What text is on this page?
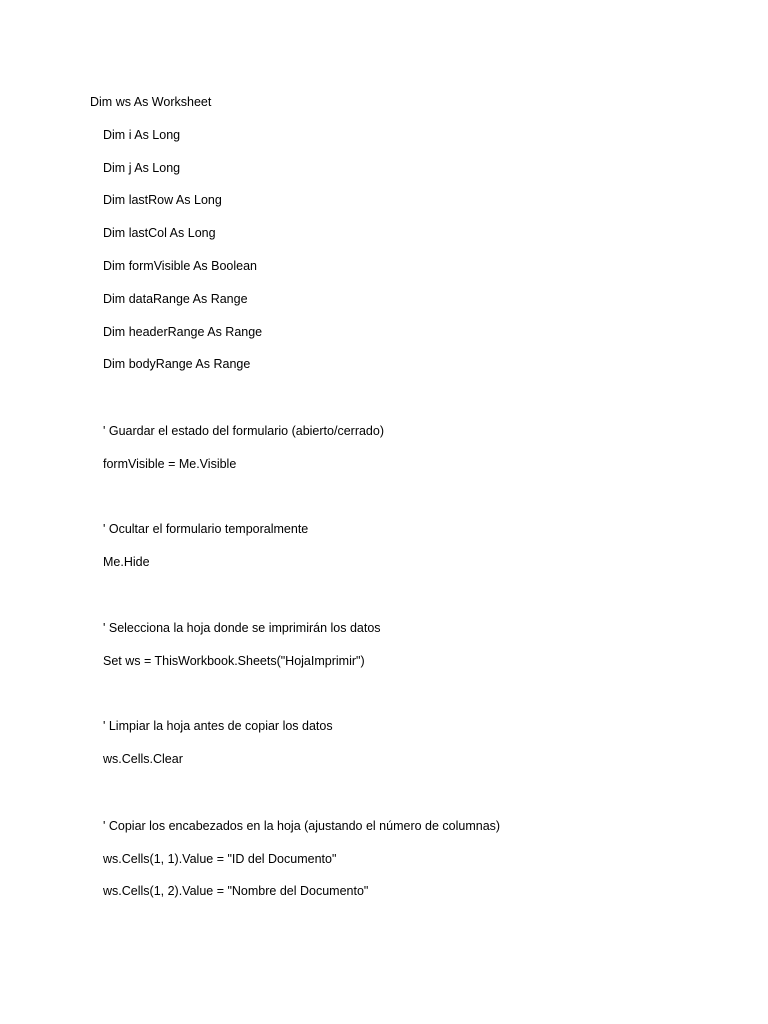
Dim ws As Worksheet
Dim i As Long
Dim j As Long
Dim lastRow As Long
Dim lastCol As Long
Dim formVisible As Boolean
Dim dataRange As Range
Dim headerRange As Range
Dim bodyRange As Range
' Guardar el estado del formulario (abierto/cerrado)
formVisible = Me.Visible
' Ocultar el formulario temporalmente
Me.Hide
' Selecciona la hoja donde se imprimirán los datos
Set ws = ThisWorkbook.Sheets("HojaImprimir")
' Limpiar la hoja antes de copiar los datos
ws.Cells.Clear
' Copiar los encabezados en la hoja (ajustando el número de columnas)
ws.Cells(1, 1).Value = "ID del Documento"
ws.Cells(1, 2).Value = "Nombre del Documento"
